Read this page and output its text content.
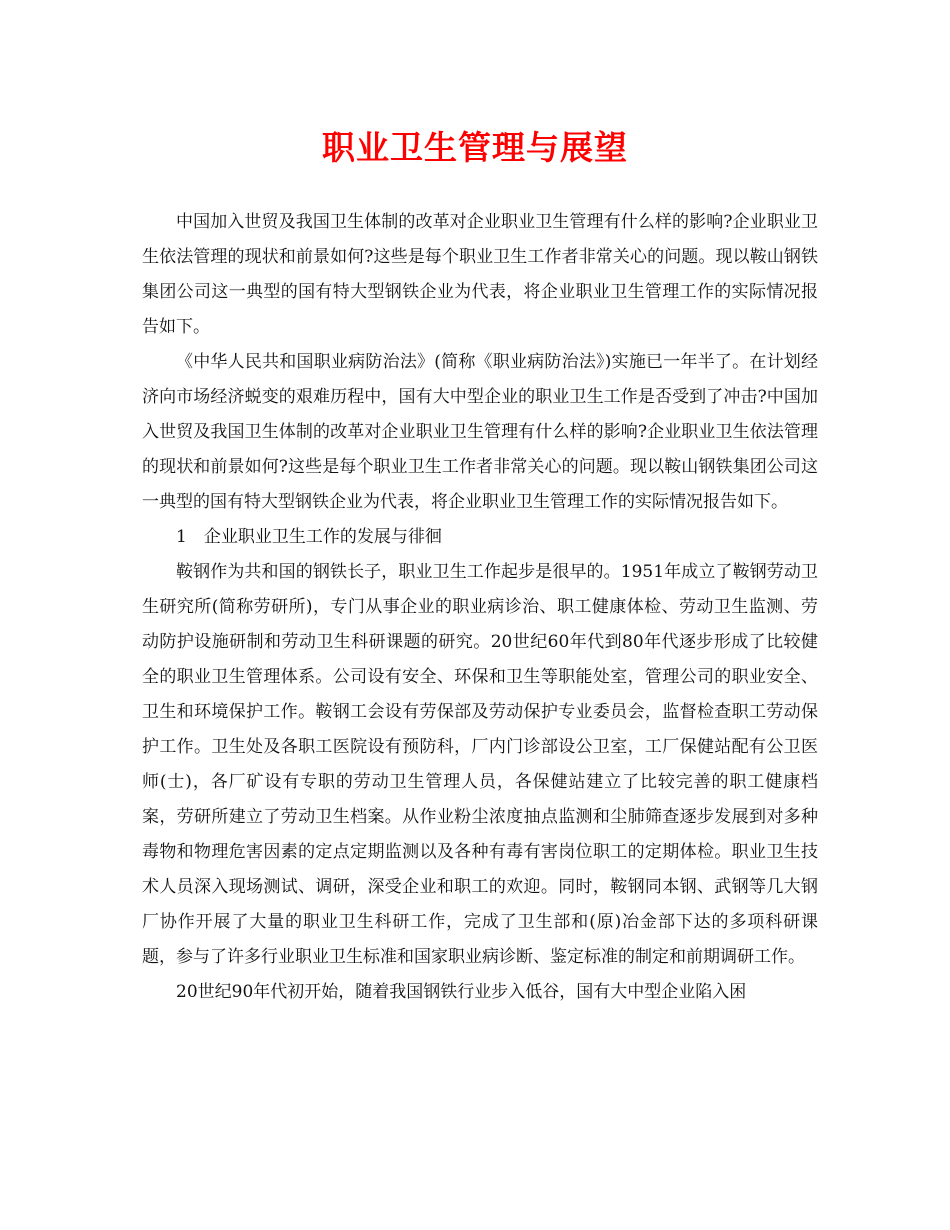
职业卫生管理与展望

中国加入世贸及我国卫生体制的改革对企业职业卫生管理有什么样的影响?企业职业卫生依法管理的现状和前景如何?这些是每个职业卫生工作者非常关心的问题。现以鞍山钢铁集团公司这一典型的国有特大型钢铁企业为代表，将企业职业卫生管理工作的实际情况报告如下。

《中华人民共和国职业病防治法》(简称《职业病防治法》)实施已一年半了。在计划经济向市场经济蜕变的艰难历程中，国有大中型企业的职业卫生工作是否受到了冲击?中国加入世贸及我国卫生体制的改革对企业职业卫生管理有什么样的影响?企业职业卫生依法管理的现状和前景如何?这些是每个职业卫生工作者非常关心的问题。现以鞍山钢铁集团公司这一典型的国有特大型钢铁企业为代表，将企业职业卫生管理工作的实际情况报告如下。

1　企业职业卫生工作的发展与徘徊

鞍钢作为共和国的钢铁长子，职业卫生工作起步是很早的。1951年成立了鞍钢劳动卫生研究所(简称劳研所)，专门从事企业的职业病诊治、职工健康体检、劳动卫生监测、劳动防护设施研制和劳动卫生科研课题的研究。20世纪60年代到80年代逐步形成了比较健全的职业卫生管理体系。公司设有安全、环保和卫生等职能处室，管理公司的职业安全、卫生和环境保护工作。鞍钢工会设有劳保部及劳动保护专业委员会，监督检查职工劳动保护工作。卫生处及各职工医院设有预防科，厂内门诊部设公卫室，工厂保健站配有公卫医师(士)，各厂矿设有专职的劳动卫生管理人员，各保健站建立了比较完善的职工健康档案，劳研所建立了劳动卫生档案。从作业粉尘浓度抽点监测和尘肺筛查逐步发展到对多种毒物和物理危害因素的定点定期监测以及各种有毒有害岗位职工的定期体检。职业卫生技术人员深入现场测试、调研，深受企业和职工的欢迎。同时，鞍钢同本钢、武钢等几大钢厂协作开展了大量的职业卫生科研工作，完成了卫生部和(原)冶金部下达的多项科研课题，参与了许多行业职业卫生标准和国家职业病诊断、鉴定标准的制定和前期调研工作。

20世纪90年代初开始，随着我国钢铁行业步入低谷，国有大中型企业陷入困
